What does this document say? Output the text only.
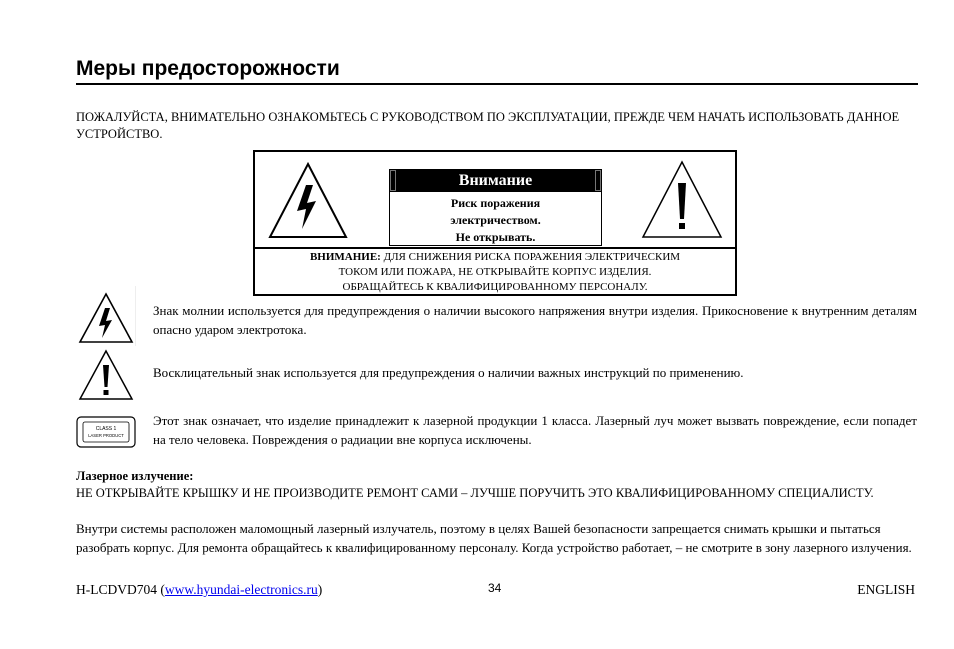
Меры предосторожности
ПОЖАЛУЙСТА, ВНИМАТЕЛЬНО ОЗНАКОМЬТЕСЬ С РУКОВОДСТВОМ ПО ЭКСПЛУАТАЦИИ, ПРЕЖДЕ ЧЕМ НАЧАТЬ ИСПОЛЬЗОВАТЬ ДАННОЕ УСТРОЙСТВО.
Внимание
Риск поражения
электричеством.
Не открывать.
ВНИМАНИЕ: ДЛЯ СНИЖЕНИЯ РИСКА ПОРАЖЕНИЯ ЭЛЕКТРИЧЕСКИМ
ТОКОМ ИЛИ ПОЖАРА, НЕ ОТКРЫВАЙТЕ КОРПУС ИЗДЕЛИЯ.
ОБРАЩАЙТЕСЬ К КВАЛИФИЦИРОВАННОМУ ПЕРСОНАЛУ.
Знак молнии используется для предупреждения о наличии высокого напряжения внутри изделия. Прикосновение к внутренним деталям опасно ударом электротока.
Восклицательный знак используется для предупреждения о наличии важных инструкций по применению.
CLASS 1
LASER PRODUCT
Этот знак означает, что изделие принадлежит к лазерной продукции 1 класса. Лазерный луч может вызвать повреждение, если попадет на тело человека. Повреждения о радиации вне корпуса исключены.
Лазерное излучение:
НЕ ОТКРЫВАЙТЕ КРЫШКУ И НЕ ПРОИЗВОДИТЕ РЕМОНТ САМИ – ЛУЧШЕ ПОРУЧИТЬ ЭТО КВАЛИФИЦИРОВАННОМУ СПЕЦИАЛИСТУ.
Внутри системы расположен маломощный лазерный излучатель, поэтому в целях Вашей безопасности запрещается снимать крышки и пытаться разобрать корпус. Для ремонта обращайтесь к квалифицированному персоналу. Когда устройство работает, – не смотрите в зону лазерного излучения.
H-LCDVD704 (www.hyundai-electronics.ru)	34	ENGLISH
